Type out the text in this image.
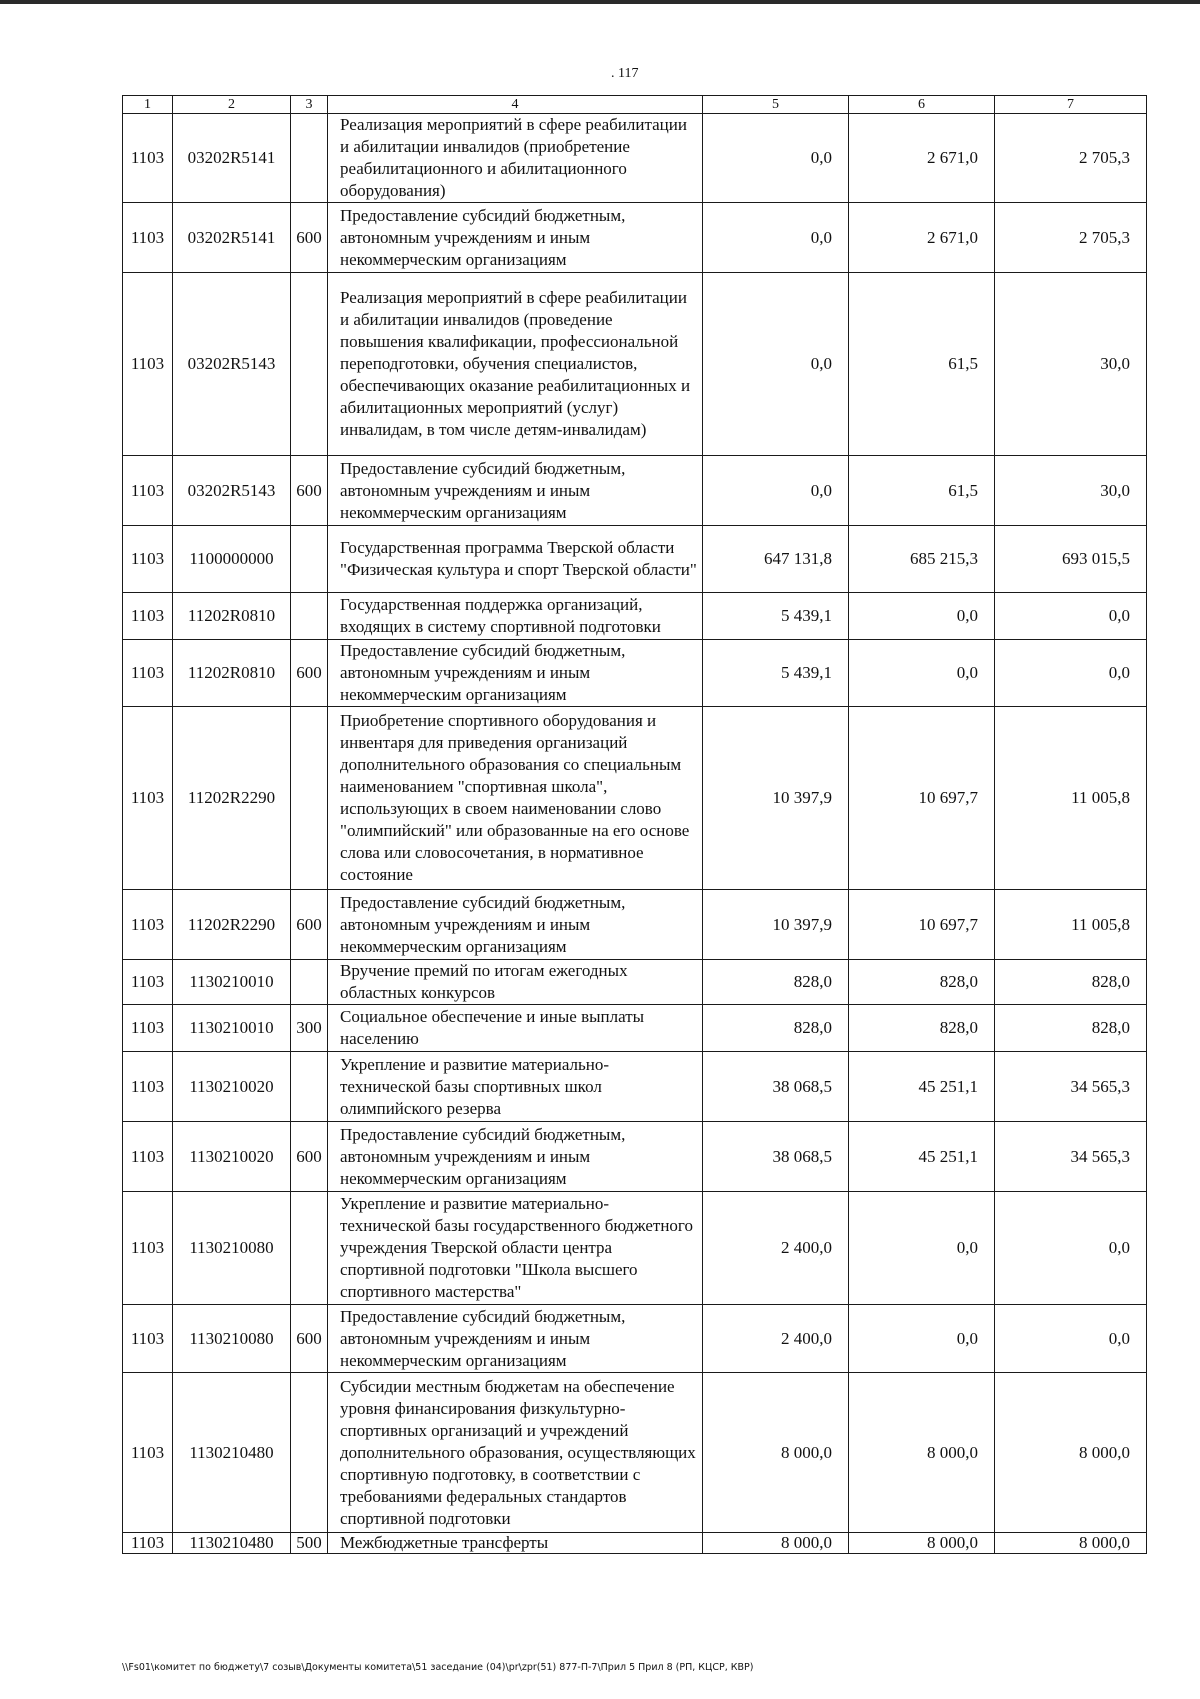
. 117
1	2	3	4	5	6	7
1103	03202R5141		Реализация мероприятий в сфере реабилитации и абилитации инвалидов (приобретение реабилитационного и абилитационного оборудования)	0,0	2 671,0	2 705,3
1103	03202R5141	600	Предоставление субсидий бюджетным, автономным учреждениям и иным некоммерческим организациям	0,0	2 671,0	2 705,3
1103	03202R5143		Реализация мероприятий в сфере реабилитации и абилитации инвалидов (проведение повышения квалификации, профессиональной переподготовки, обучения специалистов, обеспечивающих оказание реабилитационных и абилитационных мероприятий (услуг) инвалидам, в том числе детям-инвалидам)	0,0	61,5	30,0
1103	03202R5143	600	Предоставление субсидий бюджетным, автономным учреждениям и иным некоммерческим организациям	0,0	61,5	30,0
1103	1100000000		Государственная программа Тверской области "Физическая культура и спорт Тверской области"	647 131,8	685 215,3	693 015,5
1103	11202R0810		Государственная поддержка организаций, входящих в систему спортивной подготовки	5 439,1	0,0	0,0
1103	11202R0810	600	Предоставление субсидий бюджетным, автономным учреждениям и иным некоммерческим организациям	5 439,1	0,0	0,0
1103	11202R2290		Приобретение спортивного оборудования и инвентаря для приведения организаций дополнительного образования со специальным наименованием "спортивная школа", использующих в своем наименовании слово "олимпийский" или образованные на его основе слова или словосочетания, в нормативное состояние	10 397,9	10 697,7	11 005,8
1103	11202R2290	600	Предоставление субсидий бюджетным, автономным учреждениям и иным некоммерческим организациям	10 397,9	10 697,7	11 005,8
1103	1130210010		Вручение премий по итогам ежегодных областных конкурсов	828,0	828,0	828,0
1103	1130210010	300	Социальное обеспечение и иные выплаты населению	828,0	828,0	828,0
1103	1130210020		Укрепление и развитие материально-технической базы спортивных школ олимпийского резерва	38 068,5	45 251,1	34 565,3
1103	1130210020	600	Предоставление субсидий бюджетным, автономным учреждениям и иным некоммерческим организациям	38 068,5	45 251,1	34 565,3
1103	1130210080		Укрепление и развитие материально-технической базы государственного бюджетного учреждения Тверской области центра спортивной подготовки "Школа высшего спортивного мастерства"	2 400,0	0,0	0,0
1103	1130210080	600	Предоставление субсидий бюджетным, автономным учреждениям и иным некоммерческим организациям	2 400,0	0,0	0,0
1103	1130210480		Субсидии местным бюджетам на обеспечение уровня финансирования физкультурно-спортивных организаций и учреждений дополнительного образования, осуществляющих спортивную подготовку, в соответствии с требованиями федеральных стандартов спортивной подготовки	8 000,0	8 000,0	8 000,0
1103	1130210480	500	Межбюджетные трансферты	8 000,0	8 000,0	8 000,0
\\Fs01\комитет по бюджету\7 созыв\Документы комитета\51 заседание (04)\pr\zpr(51) 877-П-7\Прил 5 Прил 8 (РП, КЦСР, КВР)
